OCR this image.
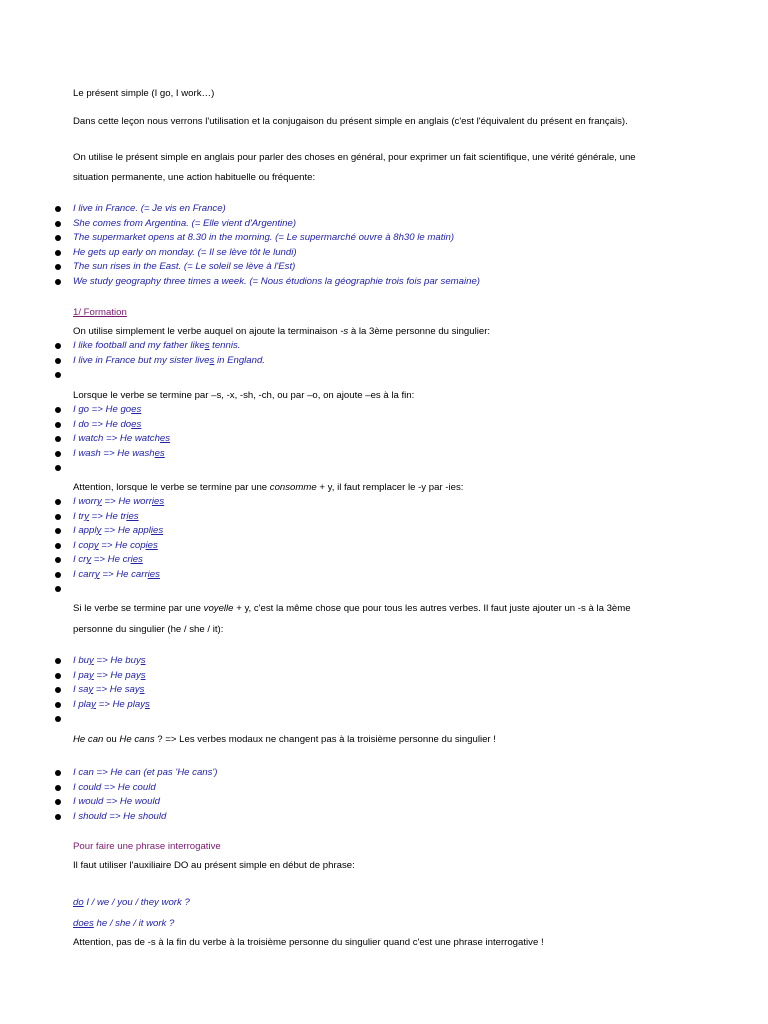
Le présent simple (I go, I work…)
Dans cette leçon nous verrons l'utilisation et la conjugaison du présent simple en anglais (c'est l'équivalent du présent en français).
On utilise le présent simple en anglais pour parler des choses en général, pour exprimer un fait scientifique, une vérité générale, une
situation permanente, une action habituelle ou fréquente:
I live in France. (= Je vis en France)
She comes from Argentina. (= Elle vient d'Argentine)
The supermarket opens at 8.30 in the morning. (= Le supermarché ouvre à 8h30 le matin)
He gets up early on monday. (= Il se lève tôt le lundi)
The sun rises in the East. (= Le soleil se lève à l'Est)
We study geography three times a week. (= Nous étudions la géographie trois fois par semaine)
1/ Formation
On utilise simplement le verbe auquel on ajoute la terminaison -s à la 3ème personne du singulier:
I like football and my father likes tennis.
I live in France but my sister lives in England.
Lorsque le verbe se termine par –s, -x, -sh, -ch, ou par –o, on ajoute –es à la fin:
I go => He goes
I do => He does
I watch => He watches
I wash => He washes
Attention, lorsque le verbe se termine par une consomme + y, il faut remplacer le -y par -ies:
I worry => He worries
I try => He tries
I apply => He applies
I copy => He copies
I cry => He cries
I carry => He carries
Si le verbe se termine par une voyelle + y, c'est la même chose que pour tous les autres verbes. Il faut juste ajouter un -s à la 3ème
personne du singulier (he / she / it):
I buy => He buys
I pay => He pays
I say => He says
I play => He plays
He can ou He cans ? => Les verbes modaux ne changent pas à la troisième personne du singulier !
I can => He can (et pas 'He cans')
I could => He could
I would => He would
I should => He should
Pour faire une phrase interrogative
Il faut utiliser l'auxiliaire DO au présent simple en début de phrase:
do I / we / you / they work ?
does he / she / it work ?
Attention, pas de -s à la fin du verbe à la troisième personne du singulier quand c'est une phrase interrogative !
